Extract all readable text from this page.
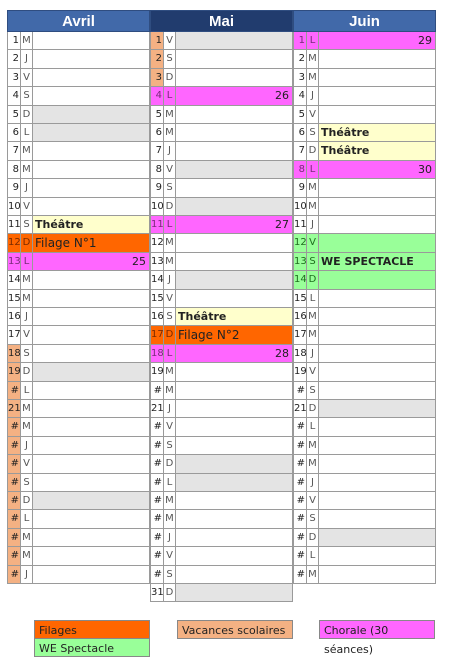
Avril
1 M
2 J
3 V
4 S
5 D
6 L
7 M
8 M
9 J
10 V
11 S Théâtre
12 D Filage N°1
13 L	25
14 M
15 M
16 J
17 V
18 S
19 D
# L
21 M
# M
# J
# V
# S
# D
# L
# M
# M
# J
Mai
1 V
2 S
3 D
4 L	26
5 M
6 M
7 J
8 V
9 S
10 D
11 L	27
12 M
13 M
14 J
15 V
16 S Théâtre
17 D Filage N°2
18 L	28
19 M
# M
21 J
# V
# S
# D
# L
# M
# M
# J
# V
# S
31 D
Juin
1 L	29
2 M
3 M
4 J
5 V
6 S Théâtre
7 D Théâtre
8 L	30
9 M
10 M
11 J
12 V
13 S WE SPECTACLE
14 D
15 L
16 M
17 M
18 J
19 V
# S
21 D
# L
# M
# M
# J
# V
# S
# D
# L
# M
Filages
WE Spectacle
Vacances scolaires	Chorale (30 séances)
